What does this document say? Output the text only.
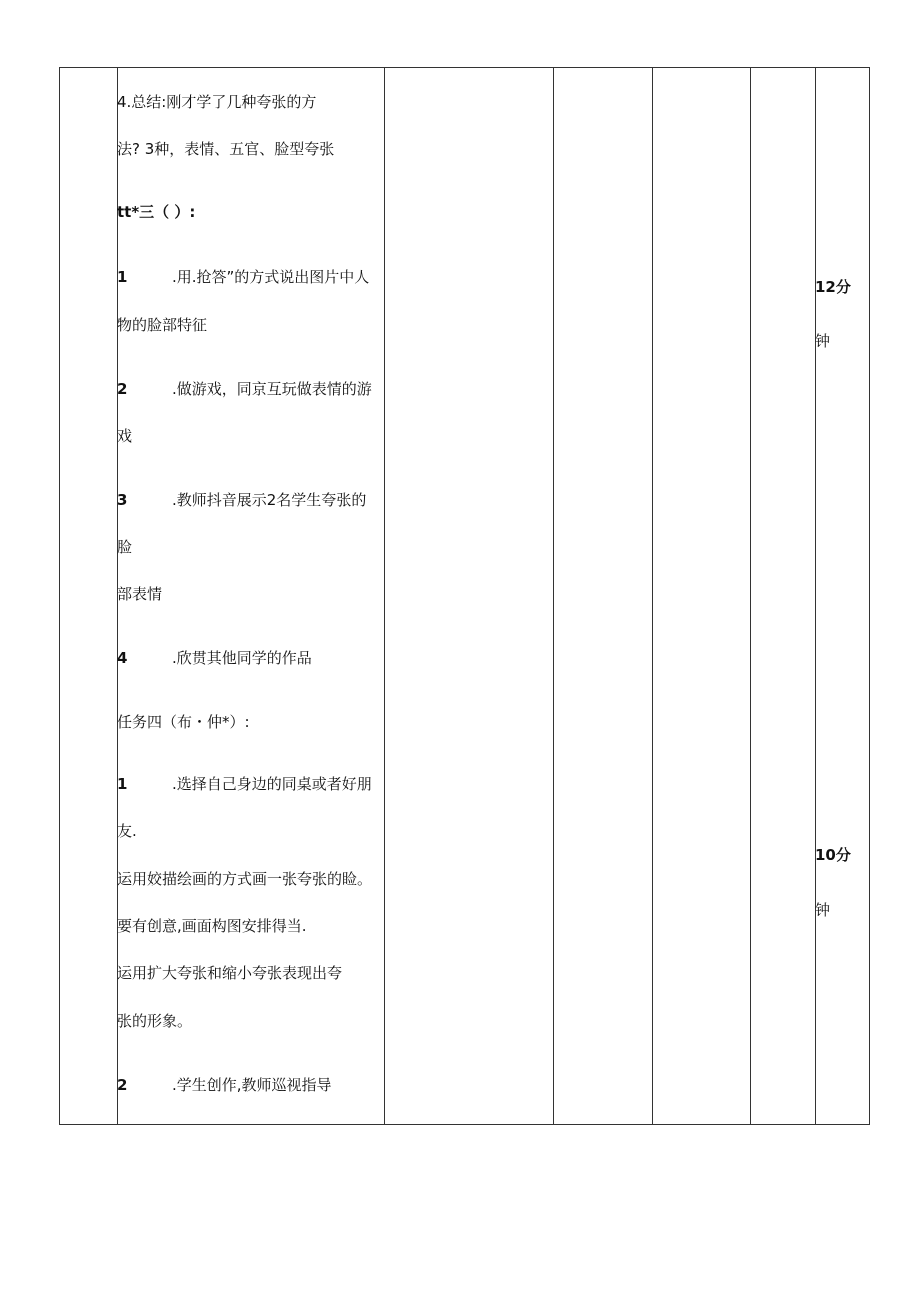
4.总结:刚才学了几种夸张的方
法? 3种，表情、五官、脸型夸张
tt*三（ ）:
1	.用.抢答”的方式说出图片中人
物的脸部特征
2	.做游戏，同京互玩做表情的游
戏
3	.教师抖音展示2名学生夸张的
脸
部表情
4	.欣贯其他同学的作品
任务四（布・仲*）:
1	.选择自己身边的同桌或者好朋
友.
运用姣描绘画的方式画一张夸张的睑。
要有创意,画面构图安排得当.
运用扩大夸张和缩小夸张表现出夸
张的形象。
2	.学生创作,教师巡视指导
12分
钟
10分
钟
